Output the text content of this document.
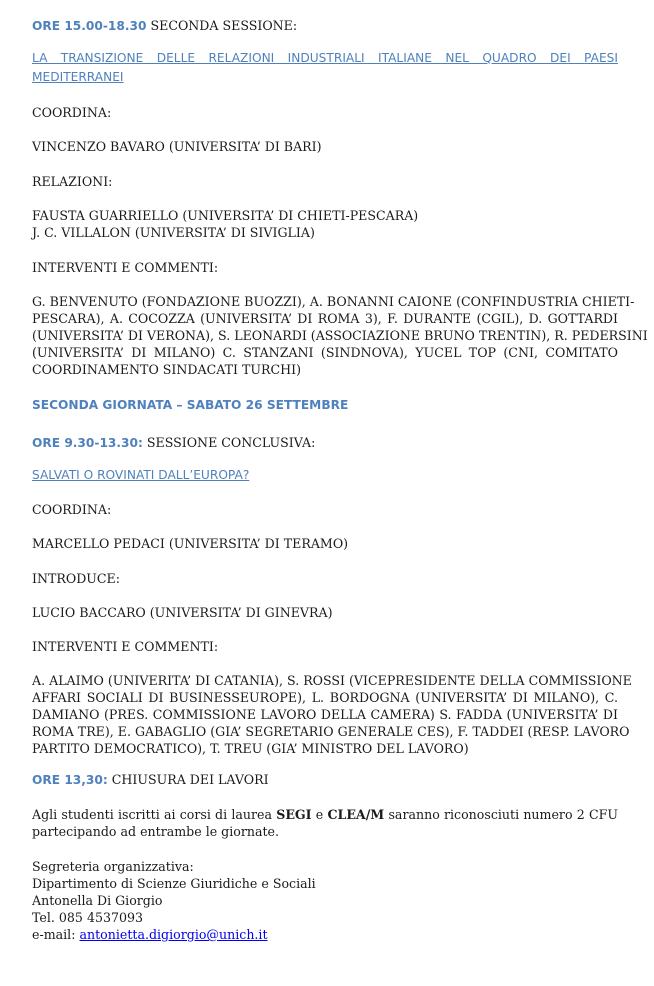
ORE 15.00-18.30 SECONDA SESSIONE:
LA TRANSIZIONE DELLE RELAZIONI INDUSTRIALI ITALIANE NEL QUADRO DEI PAESI
MEDITERRANEI
COORDINA:
VINCENZO BAVARO (UNIVERSITA’ DI BARI)
RELAZIONI:
FAUSTA GUARRIELLO (UNIVERSITA’ DI CHIETI-PESCARA)
J. C. VILLALON (UNIVERSITA’ DI SIVIGLIA)
INTERVENTI E COMMENTI:
G. BENVENUTO (FONDAZIONE BUOZZI), A. BONANNI CAIONE (CONFINDUSTRIA CHIETI-
PESCARA), A. COCOZZA (UNIVERSITA’ DI ROMA 3), F. DURANTE (CGIL), D. GOTTARDI
(UNIVERSITA’ DI VERONA), S. LEONARDI (ASSOCIAZIONE BRUNO TRENTIN), R. PEDERSINI
(UNIVERSITA’ DI MILANO) C. STANZANI (SINDNOVA), YUCEL TOP (CNI, COMITATO
COORDINAMENTO SINDACATI TURCHI)
SECONDA GIORNATA – SABATO 26 SETTEMBRE
ORE 9.30-13.30: SESSIONE CONCLUSIVA:
SALVATI O ROVINATI DALL’EUROPA?
COORDINA:
MARCELLO PEDACI (UNIVERSITA’ DI TERAMO)
INTRODUCE:
LUCIO BACCARO (UNIVERSITA’ DI GINEVRA)
INTERVENTI E COMMENTI:
A. ALAIMO (UNIVERITA’ DI CATANIA), S. ROSSI (VICEPRESIDENTE DELLA COMMISSIONE
AFFARI SOCIALI DI BUSINESSEUROPE), L. BORDOGNA (UNIVERSITA’ DI MILANO), C.
DAMIANO (PRES. COMMISSIONE LAVORO DELLA CAMERA) S. FADDA (UNIVERSITA’ DI
ROMA TRE), E. GABAGLIO (GIA’ SEGRETARIO GENERALE CES), F. TADDEI (RESP. LAVORO
PARTITO DEMOCRATICO), T. TREU (GIA’ MINISTRO DEL LAVORO)
ORE 13,30: CHIUSURA DEI LAVORI
Agli studenti iscritti ai corsi di laurea SEGI e CLEA/M saranno riconosciuti numero 2 CFU
partecipando ad entrambe le giornate.
Segreteria organizzativa:
Dipartimento di Scienze Giuridiche e Sociali
Antonella Di Giorgio
Tel. 085 4537093
e-mail: antonietta.digiorgio@unich.it
